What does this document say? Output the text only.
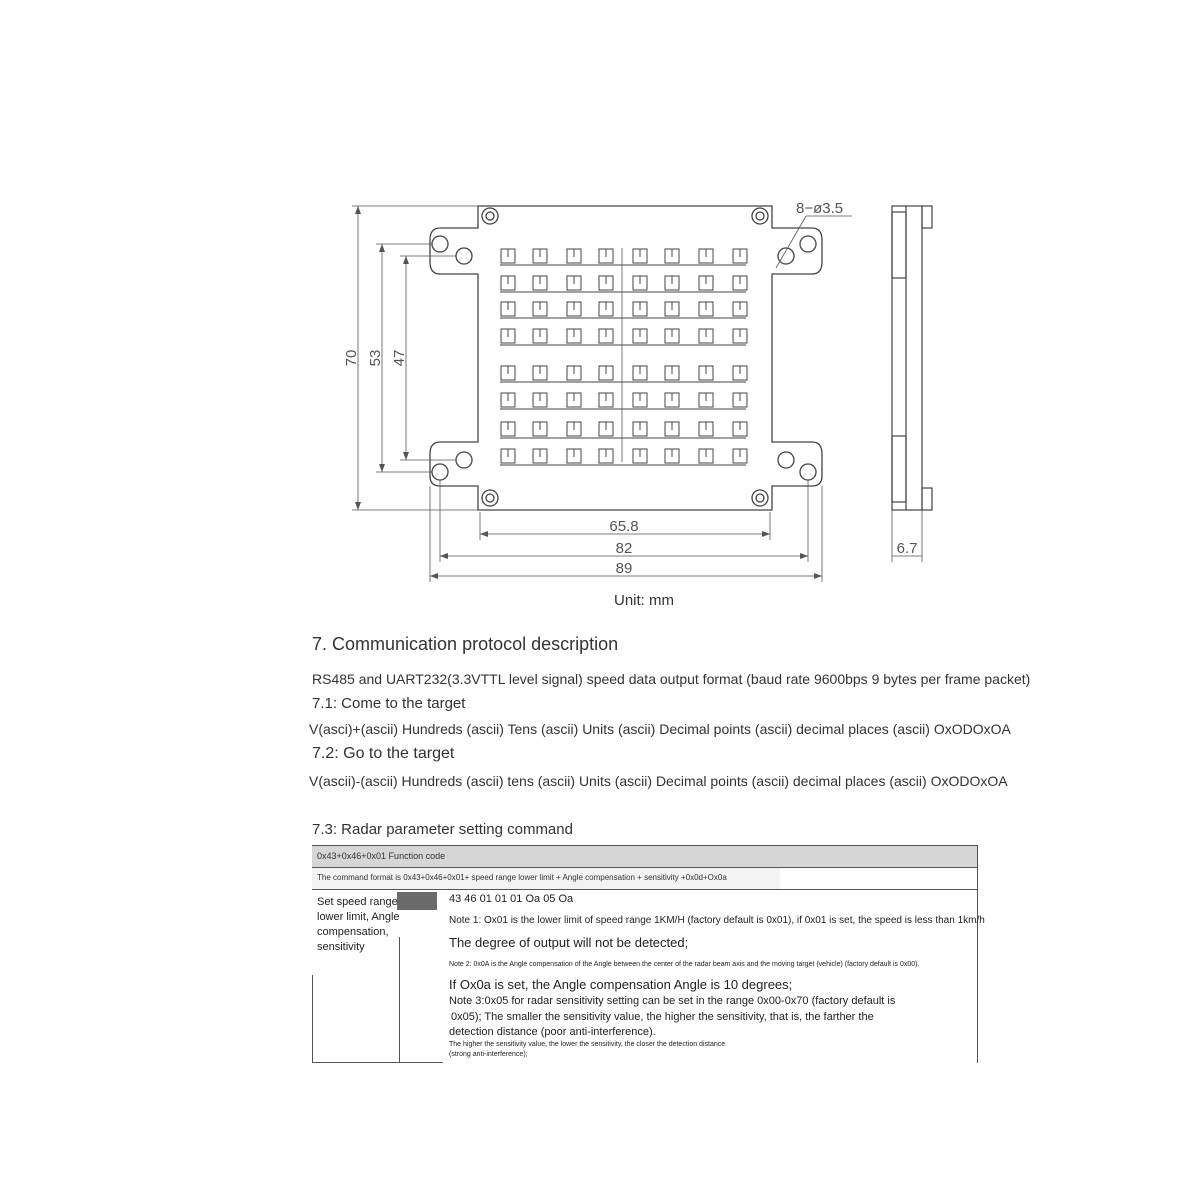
8−ø3.5
70 53 47
65.8
82
89
6.7
Unit: mm
7. Communication protocol description
RS485 and UART232(3.3VTTL level signal) speed data output format (baud rate 9600bps 9 bytes per frame packet)
7.1: Come to the target
V(asci)+(ascii) Hundreds (ascii) Tens (ascii) Units (ascii) Decimal points (ascii) decimal places (ascii) OxODOxOA
7.2: Go to the target
V(ascii)-(ascii) Hundreds (ascii) tens (ascii) Units (ascii) Decimal points (ascii) decimal places (ascii) OxODOxOA
7.3: Radar parameter setting command
0x43+0x46+0x01 Function code
The command format is 0x43+0x46+0x01+ speed range lower limit + Angle compensation + sensitivity +0x0d+Ox0a
Set speed range lower limit, Angle compensation, sensitivity
43 46 01 01 01 Oa 05 Oa
Note 1: Ox01 is the lower limit of speed range 1KM/H (factory default is 0x01), if 0x01 is set, the speed is less than 1km/h
The degree of output will not be detected;
Note 2: 0x0A is the Angle compensation of the Angle between the center of the radar beam axis and the moving target (vehicle) (factory default is 0x00).
If Ox0a is set, the Angle compensation Angle is 10 degrees;
Note 3:0x05 for radar sensitivity setting can be set in the range 0x00-0x70 (factory default is
0x05); The smaller the sensitivity value, the higher the sensitivity, that is, the farther the
detection distance (poor anti-interference).
The higher the sensitivity value, the lower the sensitivity, the closer the detection distance
(strong anti-interference);
